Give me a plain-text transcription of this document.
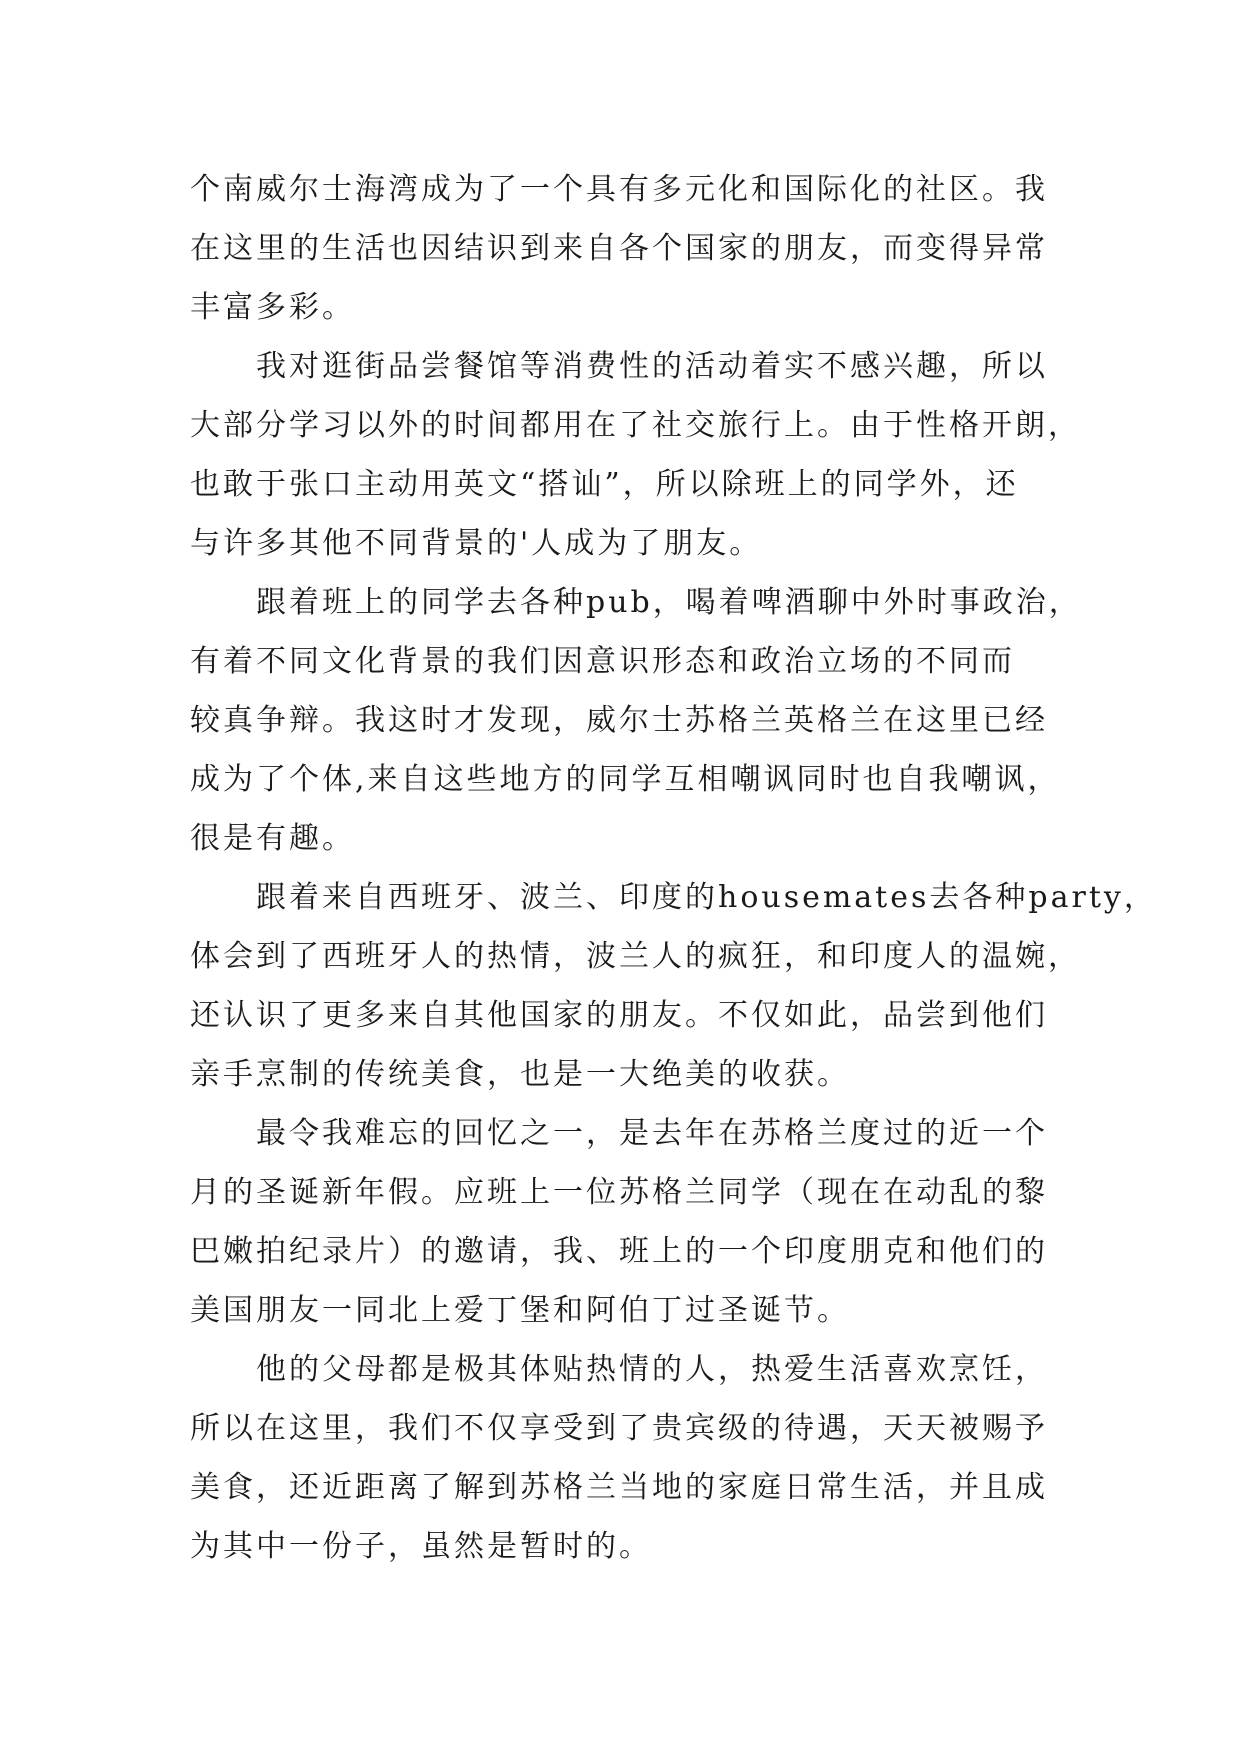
个南威尔士海湾成为了一个具有多元化和国际化的社区。我
在这里的生活也因结识到来自各个国家的朋友，而变得异常
丰富多彩。
　　我对逛街品尝餐馆等消费性的活动着实不感兴趣，所以
大部分学习以外的时间都用在了社交旅行上。由于性格开朗，
也敢于张口主动用英文“搭讪”，所以除班上的同学外，还
与许多其他不同背景的'人成为了朋友。
　　跟着班上的同学去各种pub，喝着啤酒聊中外时事政治，
有着不同文化背景的我们因意识形态和政治立场的不同而
较真争辩。我这时才发现，威尔士苏格兰英格兰在这里已经
成为了个体,来自这些地方的同学互相嘲讽同时也自我嘲讽，
很是有趣。
　　跟着来自西班牙、波兰、印度的housemates去各种party，
体会到了西班牙人的热情，波兰人的疯狂，和印度人的温婉，
还认识了更多来自其他国家的朋友。不仅如此，品尝到他们
亲手烹制的传统美食，也是一大绝美的收获。
　　最令我难忘的回忆之一，是去年在苏格兰度过的近一个
月的圣诞新年假。应班上一位苏格兰同学（现在在动乱的黎
巴嫩拍纪录片）的邀请，我、班上的一个印度朋克和他们的
美国朋友一同北上爱丁堡和阿伯丁过圣诞节。
　　他的父母都是极其体贴热情的人，热爱生活喜欢烹饪，
所以在这里，我们不仅享受到了贵宾级的待遇，天天被赐予
美食，还近距离了解到苏格兰当地的家庭日常生活，并且成
为其中一份子，虽然是暂时的。
